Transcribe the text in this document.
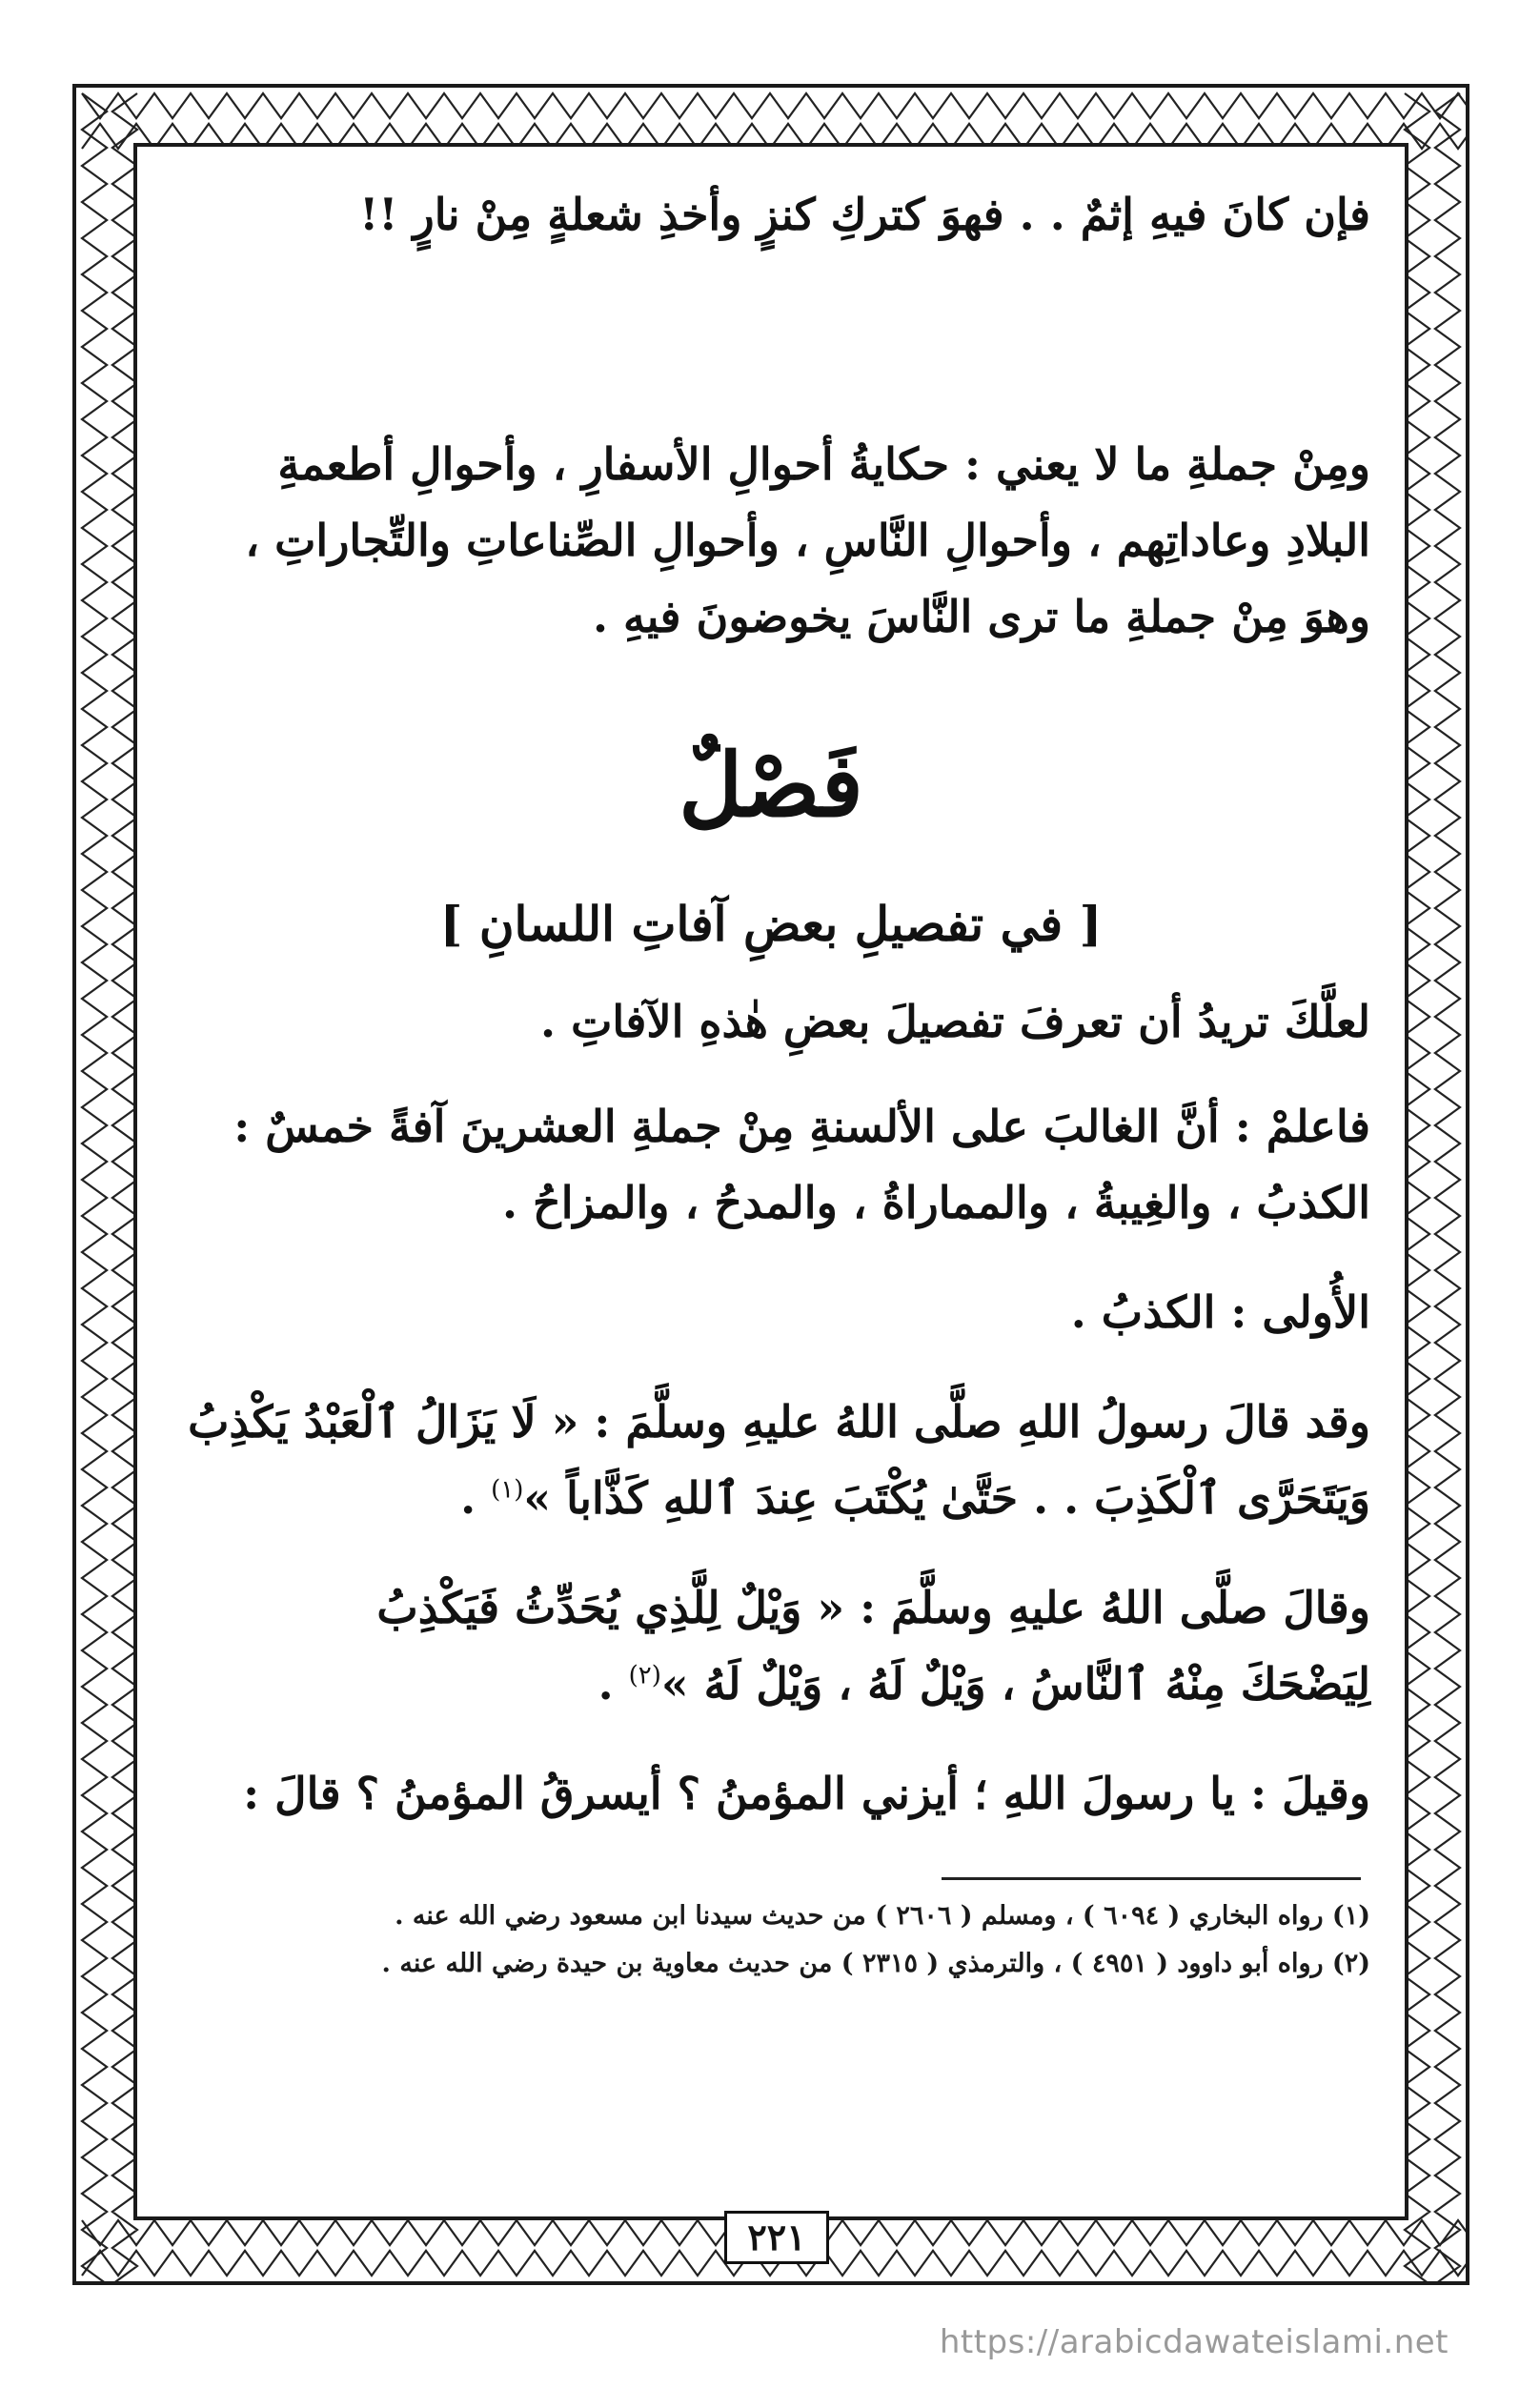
فإن كانَ فيهِ إثمٌ . . فهوَ كتركِ كنزٍ وأخذِ شعلةٍ مِنْ نارٍ !!
ومِنْ جملةِ ما لا يعني : حكايةُ أحوالِ الأسفارِ ، وأحوالِ أطعمةِ
البلادِ وعاداتِهم ، وأحوالِ النَّاسِ ، وأحوالِ الصِّناعاتِ والتِّجاراتِ ،
وهوَ مِنْ جملةِ ما ترى النَّاسَ يخوضونَ فيهِ .
فَصْلٌ
[ في تفصيلِ بعضِ آفاتِ اللسانِ ]
لعلَّكَ تريدُ أن تعرفَ تفصيلَ بعضِ هٰذهِ الآفاتِ .
فاعلمْ : أنَّ الغالبَ على الألسنةِ مِنْ جملةِ العشرينَ آفةً خمسٌ :
الكذبُ ، والغِيبةُ ، والمماراةُ ، والمدحُ ، والمزاحُ .
الأُولى : الكذبُ .
وقد قالَ رسولُ اللهِ صلَّى اللهُ عليهِ وسلَّمَ : « لَا يَزَالُ ٱلْعَبْدُ يَكْذِبُ
وَيَتَحَرَّى ٱلْكَذِبَ . . حَتَّىٰ يُكْتَبَ عِندَ ٱللهِ كَذَّاباً »$^{(١)}$ .
وقالَ صلَّى اللهُ عليهِ وسلَّمَ : « وَيْلٌ لِلَّذِي يُحَدِّثُ فَيَكْذِبُ
لِيَضْحَكَ مِنْهُ ٱلنَّاسُ ، وَيْلٌ لَهُ ، وَيْلٌ لَهُ »$^{(٢)}$ .
وقيلَ : يا رسولَ اللهِ ؛ أيزني المؤمنُ ؟ أيسرقُ المؤمنُ ؟ قالَ :
(١) رواه البخاري ( ٦٠٩٤ ) ، ومسلم ( ٢٦٠٦ ) من حديث سيدنا ابن مسعود رضي الله عنه .
(٢) رواه أبو داوود ( ٤٩٥١ ) ، والترمذي ( ٢٣١٥ ) من حديث معاوية بن حيدة رضي الله عنه .
٢٢١
https://arabicdawateislami.net
